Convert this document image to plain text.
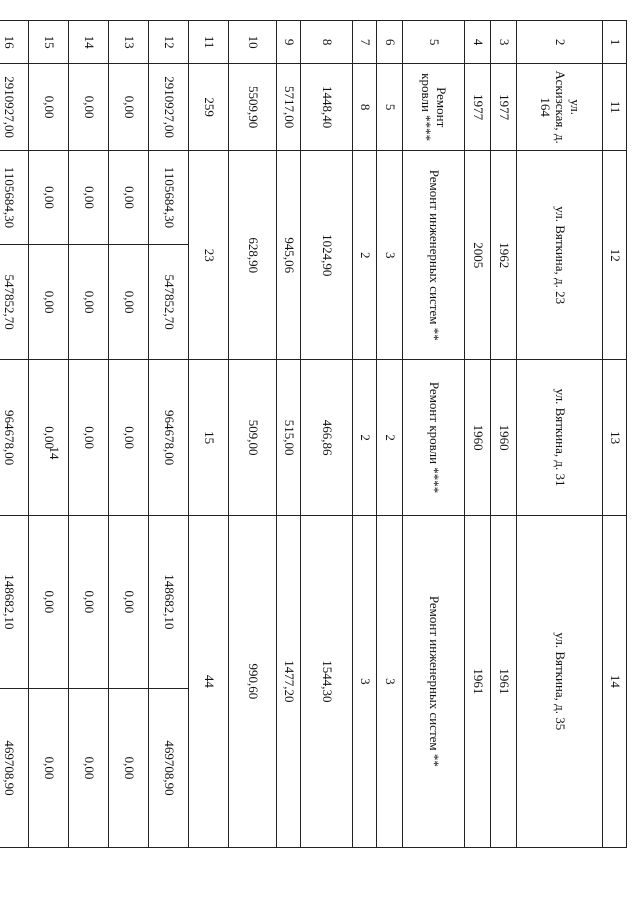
14
1	11	12		13	14	
2	ул. Аскизская, д. 164	ул. Вяткина, д. 23		ул. Вяткина, д. 31	ул. Вяткина, д. 35	
3	1977	1962		1960	1961	
4	1977	2005		1960	1961	
5	Ремонт кровли ****	Ремонт инженерных систем **		Ремонт кровли ****	Ремонт инженерных систем **	
6	5	3		2	3	
7	8	2		2	3	
8	1448,40	1024,90		466,86	1544,30	
9	5717,00	945,06		515,00	1477,20	
10	5509,90	628,90		509,00	990,60	
11	259	23		15	44	
12	2910927,00	1105684,30	547852,70	964678,00	148682,10	469708,90
13	0,00	0,00	0,00	0,00	0,00	0,00
14	0,00	0,00	0,00	0,00	0,00	0,00
15	0,00	0,00	0,00	0,00	0,00	0,00
16	2910927,00	1105684,30	547852,70	964678,00	148682,10	469708,90
